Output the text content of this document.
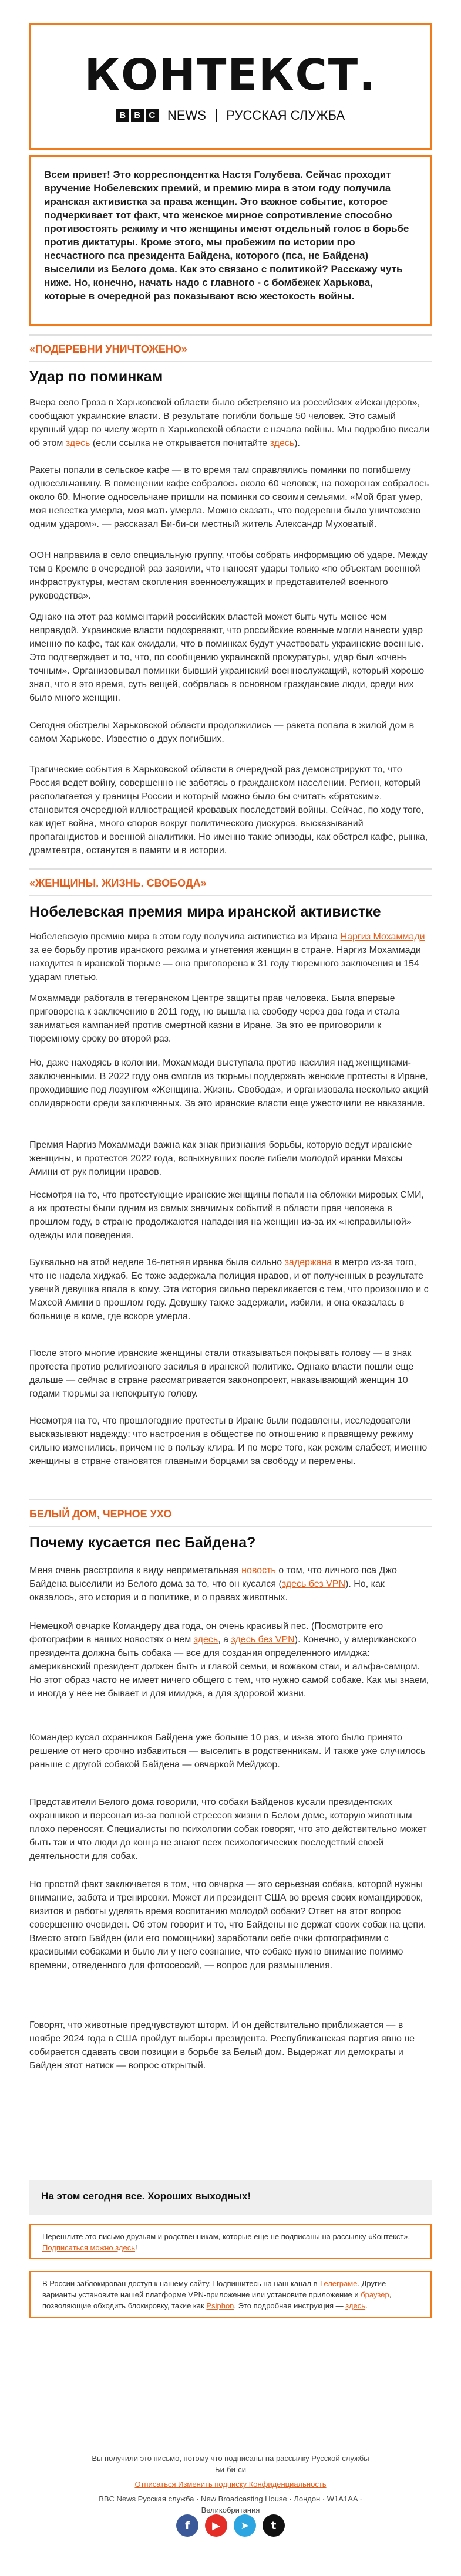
КОНТЕКСТ.
B B C NEWS РУССКАЯ СЛУЖБА

Всем привет! Это корреспондентка Настя Голубева. Сейчас проходит вручение Нобелевских премий, и премию мира в этом году получила иранская активистка за права женщин. Это важное событие, которое подчеркивает тот факт, что женское мирное сопротивление способно противостоять режиму и что женщины имеют отдельный голос в борьбе против диктатуры. Кроме этого, мы пробежим по истории про несчастного пса президента Байдена, которого (пса, не Байдена) выселили из Белого дома. Как это связано с политикой? Расскажу чуть ниже. Но, конечно, начать надо с главного - с бомбежек Харькова, которые в очередной раз показывают всю жестокость войны.

«ПОДЕРЕВНИ УНИЧТОЖЕНО»
Удар по поминкам
Вчера село Гроза в Харьковской области было обстреляно из российских «Искандеров», сообщают украинские власти. В результате погибли больше 50 человек. Это самый крупный удар по числу жертв в Харьковской области с начала войны. Мы подробно писали об этом здесь (если ссылка не открывается почитайте здесь).
Ракеты попали в сельское кафе — в то время там справлялись поминки по погибшему односельчанину. В помещении кафе собралось около 60 человек, на похоронах собралось около 60. Многие односельчане пришли на поминки со своими семьями. «Мой брат умер, моя невестка умерла, моя мать умерла. Можно сказать, что подеревни было уничтожено одним ударом». — рассказал Би-би-си местный житель Александр Муховатый.
ООН направила в село специальную группу, чтобы собрать информацию об ударе. Между тем в Кремле в очередной раз заявили, что наносят удары только «по объектам военной инфраструктуры, местам скопления военнослужащих и представителей военного руководства».
Однако на этот раз комментарий российских властей может быть чуть менее чем неправдой. Украинские власти подозревают, что российские военные могли нанести удар именно по кафе, так как ожидали, что в поминках будут участвовать украинские военные. Это подтверждает и то, что, по сообщению украинской прокуратуры, удар был «очень точным». Организовывал поминки бывший украинский военнослужащий, который хорошо знал, что в это время, суть вещей, собралась в основном гражданские люди, среди них было много женщин.
Сегодня обстрелы Харьковской области продолжились — ракета попала в жилой дом в самом Харькове. Известно о двух погибших.
Трагические события в Харьковской области в очередной раз демонстрируют то, что Россия ведет войну, совершенно не заботясь о гражданском населении. Регион, который располагается у границы России и который можно было бы считать «братским», становится очередной иллюстрацией кровавых последствий войны. Сейчас, по ходу того, как идет война, много споров вокруг политического дискурса, высказываний пропагандистов и военной аналитики. Но именно такие эпизоды, как обстрел кафе, рынка, драмтеатра, останутся в памяти и в истории.
«ЖЕНЩИНЫ. ЖИЗНЬ. СВОБОДА»
Нобелевская премия мира иранской активистке
Нобелевскую премию мира в этом году получила активистка из Ирана Наргиз Мохаммади за ее борьбу против иранского режима и угнетения женщин в стране. Наргиз Мохаммади находится в иранской тюрьме — она приговорена к 31 году тюремного заключения и 154 ударам плетью.
Мохаммади работала в тегеранском Центре защиты прав человека. Была впервые приговорена к заключению в 2011 году, но вышла на свободу через два года и стала заниматься кампанией против смертной казни в Иране. За это ее приговорили к тюремному сроку во второй раз.
Но, даже находясь в колонии, Мохаммади выступала против насилия над женщинами-заключенными. В 2022 году она смогла из тюрьмы поддержать женские протесты в Иране, проходившие под лозунгом «Женщина. Жизнь. Свобода», и организовала несколько акций солидарности среди заключенных. За это иранские власти еще ужесточили ее наказание.
Премия Наргиз Мохаммади важна как знак признания борьбы, которую ведут иранские женщины, и протестов 2022 года, вспыхнувших после гибели молодой иранки Махсы Амини от рук полиции нравов.
Несмотря на то, что протестующие иранские женщины попали на обложки мировых СМИ, а их протесты были одним из самых значимых событий в области прав человека в прошлом году, в стране продолжаются нападения на женщин из-за их «неправильной» одежды или поведения.
Буквально на этой неделе 16-летняя иранка была сильно задержана в метро из-за того, что не надела хиджаб. Ее тоже задержала полиция нравов, и от полученных в результате увечий девушка впала в кому. Эта история сильно перекликается с тем, что произошло и с Махсой Амини в прошлом году. Девушку также задержали, избили, и она оказалась в больнице в коме, где вскоре умерла.
После этого многие иранские женщины стали отказываться покрывать голову — в знак протеста против религиозного засилья в иранской политике. Однако власти пошли еще дальше — сейчас в стране рассматривается законопроект, наказывающий женщин 10 годами тюрьмы за непокрытую голову.
Несмотря на то, что прошлогодние протесты в Иране были подавлены, исследователи высказывают надежду: что настроения в обществе по отношению к правящему режиму сильно изменились, причем не в пользу клира. И по мере того, как режим слабеет, именно женщины в стране становятся главными борцами за свободу и перемены.
БЕЛЫЙ ДОМ, ЧЕРНОЕ УХО
Почему кусается пес Байдена?
Меня очень расстроила к виду неприметальная новость о том, что личного пса Джо Байдена выселили из Белого дома за то, что он кусался (здесь без VPN). Но, как оказалось, это история и о политике, и о правах животных.
Немецкой овчарке Командеру два года, он очень красивый пес. (Посмотрите его фотографии в наших новостях о нем здесь, а здесь без VPN). Конечно, у американского президента должна быть собака — все для создания определенного имиджа: американский президент должен быть и главой семьи, и вожаком стаи, и альфа-самцом. Но этот образ часто не имеет ничего общего с тем, что нужно самой собаке. Как мы знаем, и иногда у нее не бывает и для имиджа, а для здоровой жизни.
Командер кусал охранников Байдена уже больше 10 раз, и из-за этого было принято решение от него срочно избавиться — выселить в родственникам. И также уже случилось раньше с другой собакой Байдена — овчаркой Мейджор.
Представители Белого дома говорили, что собаки Байденов кусали президентских охранников и персонал из-за полной стрессов жизни в Белом доме, которую животным плохо переносят. Специалисты по психологии собак говорят, что это действительно может быть так и что люди до конца не знают всех психологических последствий своей деятельности для собак.
Но простой факт заключается в том, что овчарка — это серьезная собака, которой нужны внимание, забота и тренировки. Может ли президент США во время своих командировок, визитов и работы уделять время воспитанию молодой собаки? Ответ на этот вопрос совершенно очевиден. Об этом говорит и то, что Байдены не держат своих собак на цепи. Вместо этого Байден (или его помощники) заработали себе очки фотографиями с красивыми собаками и было ли у него сознание, что собаке нужно внимание помимо времени, отведенного для фотосессий, — вопрос для размышления.
Говорят, что животные предчувствуют шторм. И он действительно приближается — в ноябре 2024 года в США пройдут выборы президента. Республиканская партия явно не собирается сдавать свои позиции в борьбе за Белый дом. Выдержат ли демократы и Байден этот натиск — вопрос открытый.
На этом сегодня все. Хороших выходных!
Перешлите это письмо друзьям и родственникам, которые еще не подписаны на рассылку «Контекст». Подписаться можно здесь!
В России заблокирован доступ к нашему сайту. Подпишитесь на наш канал в Телеграме. Другие варианты установите нашей платформе VPN-приложение или установите приложение и браузер, позволяющие обходить блокировку, такие как Psiphon. Это подробная инструкция — здесь.
Вы получили это письмо, потому что подписаны на рассылку Русской службы Би-би-си
Отписаться Изменить подписку Конфиденциальность
BBC News Русская служба · New Broadcasting House · Лондон · W1A1AA · Великобритания
f	▶	➤	t
